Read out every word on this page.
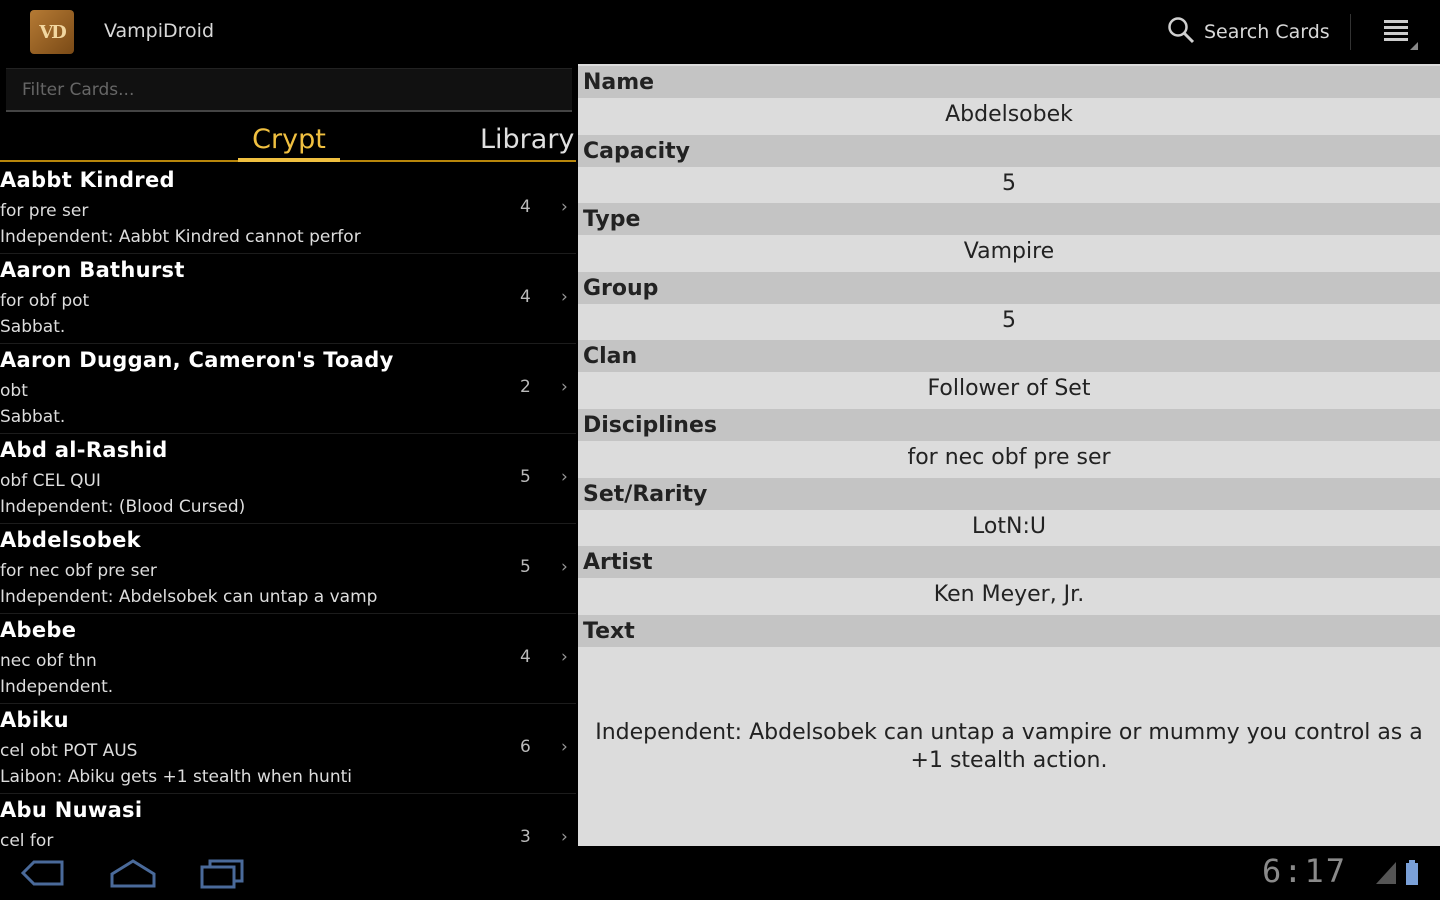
VD	VampiDroid	Search Cards
Filter Cards...
Crypt	Library
Aabbt Kindred
for pre ser
Independent: Aabbt Kindred cannot perfor
4 ›
Aaron Bathurst
for obf pot
Sabbat.
4 ›
Aaron Duggan, Cameron's Toady
obt
Sabbat.
2 ›
Abd al-Rashid
obf CEL QUI
Independent: (Blood Cursed)
5 ›
Abdelsobek
for nec obf pre ser
Independent: Abdelsobek can untap a vamp
5 ›
Abebe
nec obf thn
Independent.
4 ›
Abiku
cel obt POT AUS
Laibon: Abiku gets +1 stealth when hunti
6 ›
Abu Nuwasi
cel for	3 ›
Name
Abdelsobek
Capacity
5
Type
Vampire
Group
5
Clan
Follower of Set
Disciplines
for nec obf pre ser
Set/Rarity
LotN:U
Artist
Ken Meyer, Jr.
Text
Independent: Abdelsobek can untap a vampire or mummy you control as a +1 stealth action.
6:17
